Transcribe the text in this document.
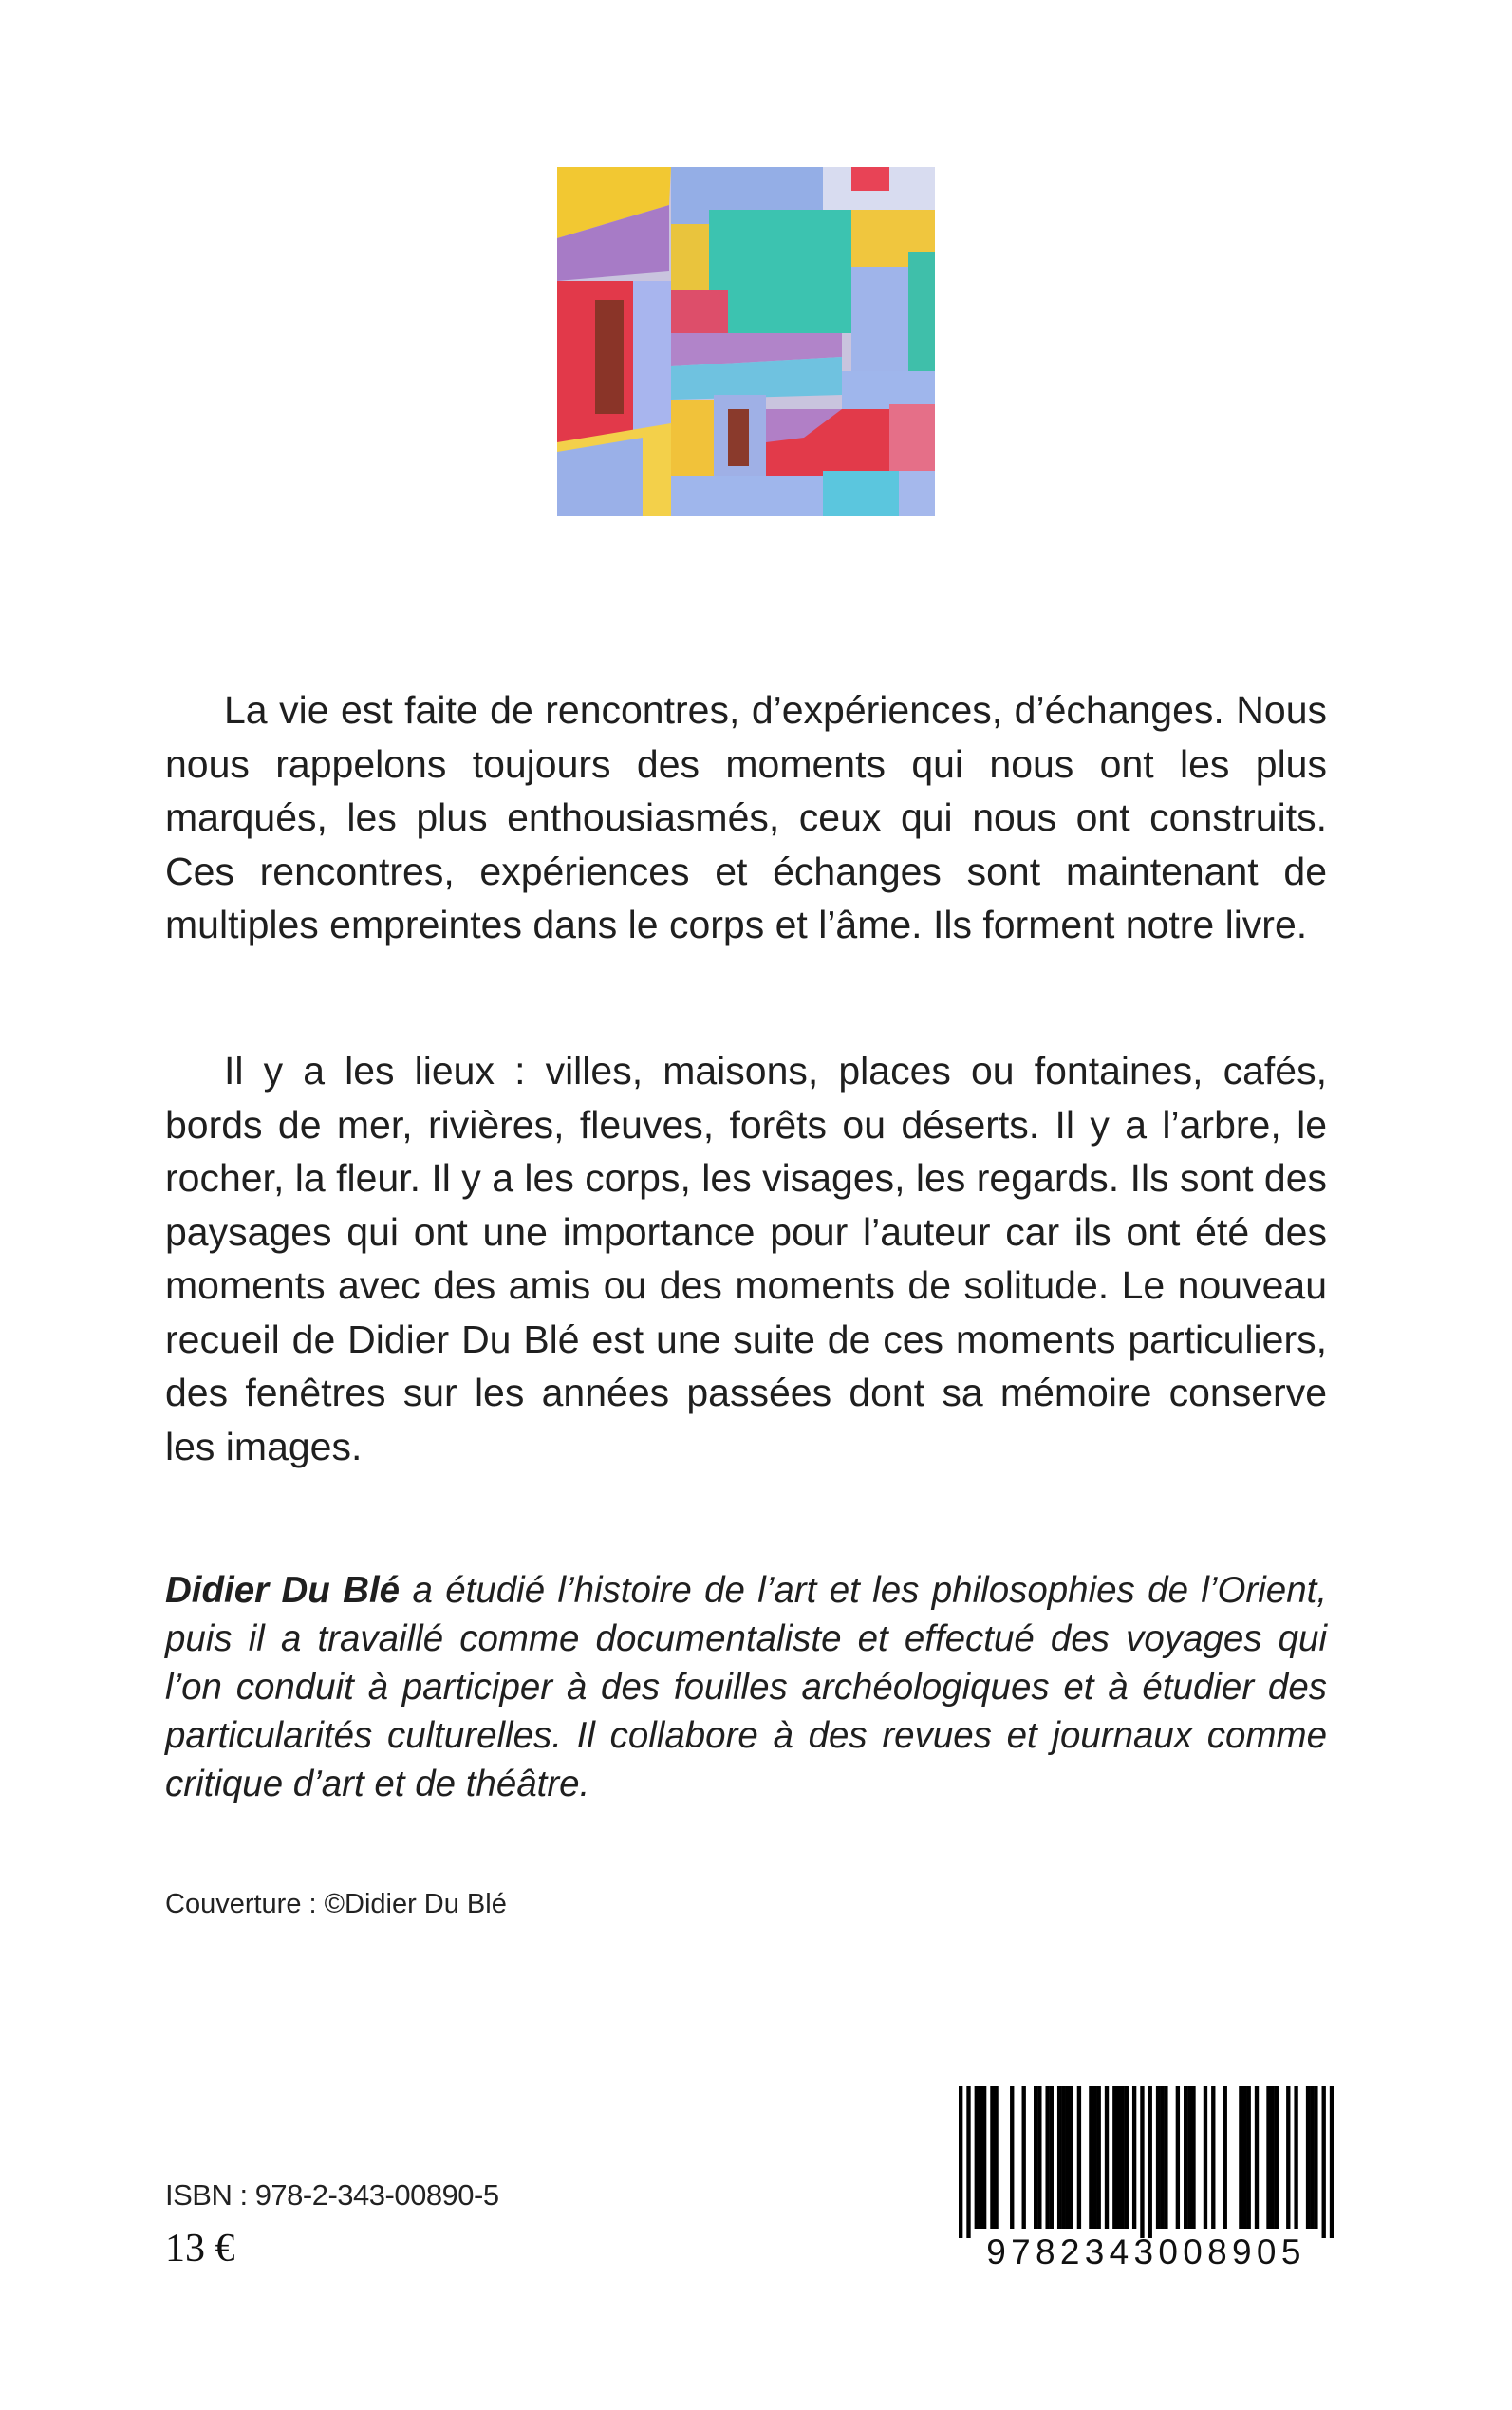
La vie est faite de rencontres, d’expériences, d’échanges. Nous nous rappelons toujours des moments qui nous ont les plus marqués, les plus enthousiasmés, ceux qui nous ont construits. Ces rencontres, expériences et échanges sont maintenant de multiples empreintes dans le corps et l’âme. Ils forment notre livre.

Il y a les lieux : villes, maisons, places ou fontaines, cafés, bords de mer, rivières, fleuves, forêts ou déserts. Il y a l’arbre, le rocher, la fleur. Il y a les corps, les visages, les regards. Ils sont des paysages qui ont une importance pour l’auteur car ils ont été des moments avec des amis ou des moments de solitude. Le nouveau recueil de Didier Du Blé est une suite de ces moments particuliers, des fenêtres sur les années passées dont sa mémoire conserve les images.

Didier Du Blé a étudié l’histoire de l’art et les philosophies de l’Orient, puis il a travaillé comme documentaliste et effectué des voyages qui l’on conduit à participer à des fouilles archéologiques et à étudier des particularités culturelles. Il collabore à des revues et journaux comme critique d’art et de théâtre.
Couverture : ©Didier Du Blé
ISBN : 978-2-343-00890-5
13 €	9782343008905
